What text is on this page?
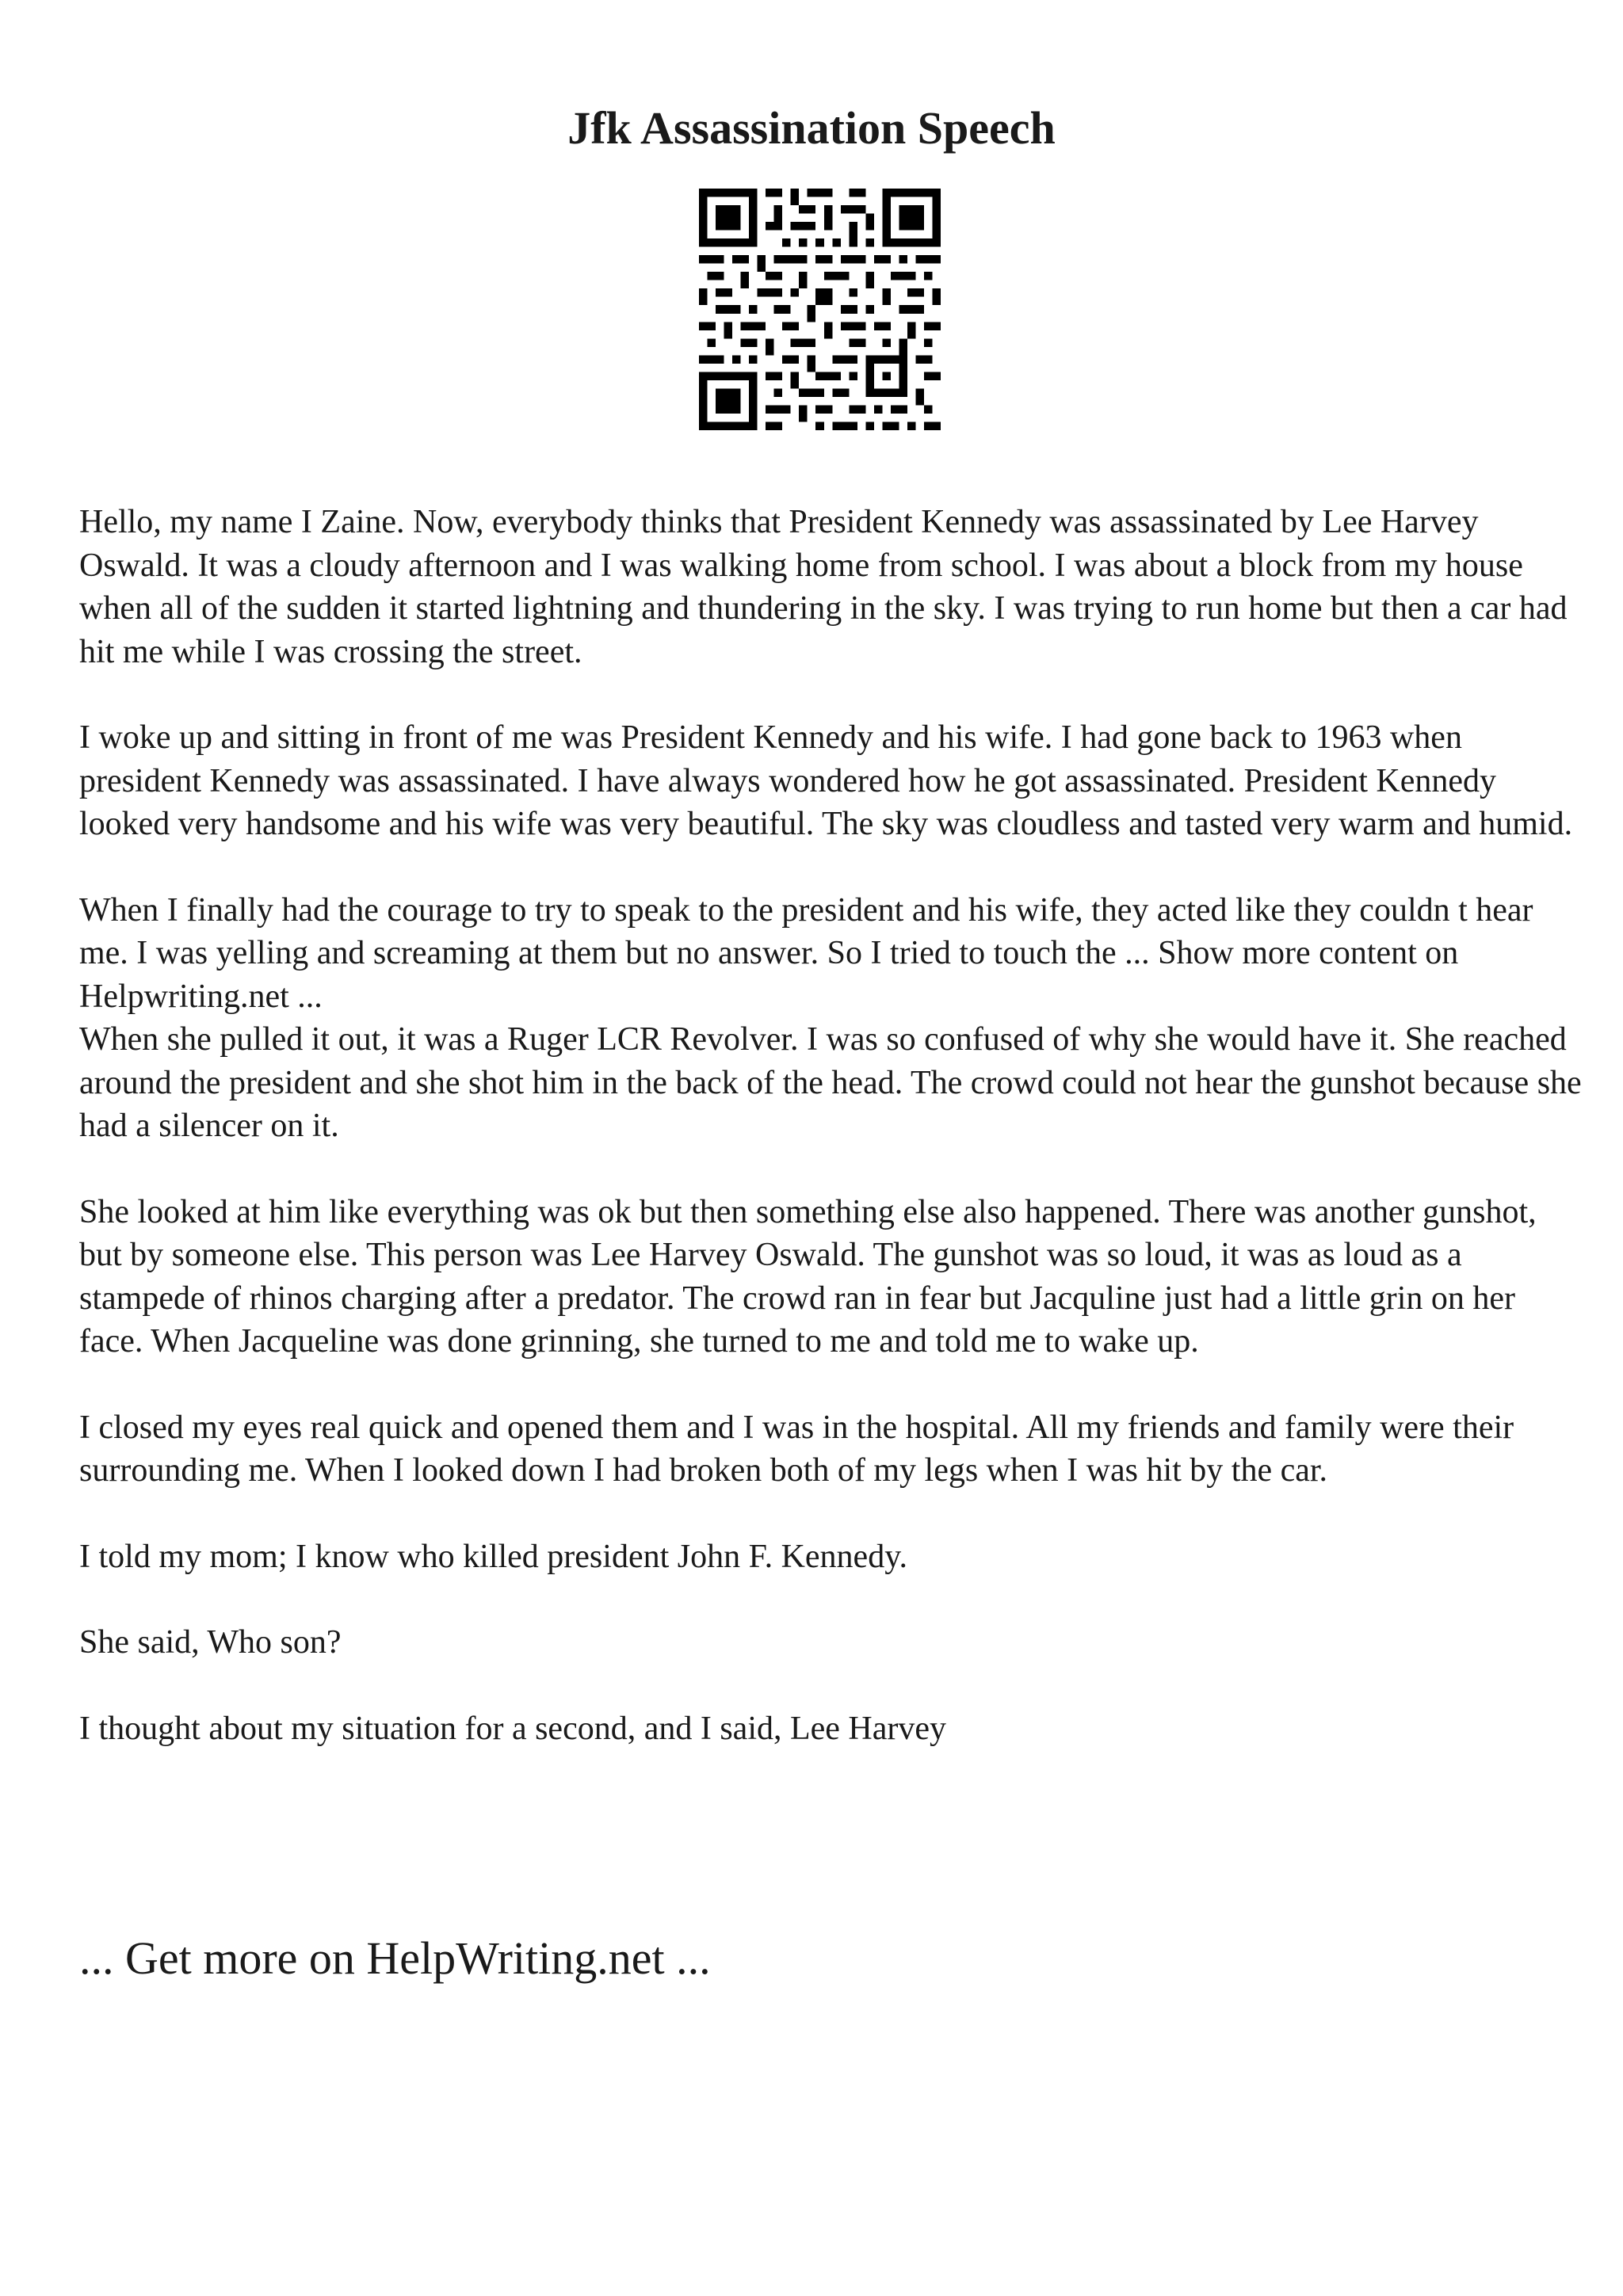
Jfk Assassination Speech

Hello, my name I Zaine. Now, everybody thinks that President Kennedy was assassinated by Lee Harvey Oswald. It was a cloudy afternoon and I was walking home from school. I was about a block from my house when all of the sudden it started lightning and thundering in the sky. I was trying to run home but then a car had hit me while I was crossing the street.

I woke up and sitting in front of me was President Kennedy and his wife. I had gone back to 1963 when president Kennedy was assassinated. I have always wondered how he got assassinated. President Kennedy looked very handsome and his wife was very beautiful. The sky was cloudless and tasted very warm and humid.

When I finally had the courage to try to speak to the president and his wife, they acted like they couldn t hear me. I was yelling and screaming at them but no answer. So I tried to touch the ... Show more content on Helpwriting.net ...

When she pulled it out, it was a Ruger LCR Revolver. I was so confused of why she would have it. She reached around the president and she shot him in the back of the head. The crowd could not hear the gunshot because she had a silencer on it.

She looked at him like everything was ok but then something else also happened. There was another gunshot, but by someone else. This person was Lee Harvey Oswald. The gunshot was so loud, it was as loud as a stampede of rhinos charging after a predator. The crowd ran in fear but Jacquline just had a little grin on her face. When Jacqueline was done grinning, she turned to me and told me to wake up.

I closed my eyes real quick and opened them and I was in the hospital. All my friends and family were their surrounding me. When I looked down I had broken both of my legs when I was hit by the car.

I told my mom; I know who killed president John F. Kennedy.

She said, Who son?

I thought about my situation for a second, and I said, Lee Harvey

... Get more on HelpWriting.net ...
